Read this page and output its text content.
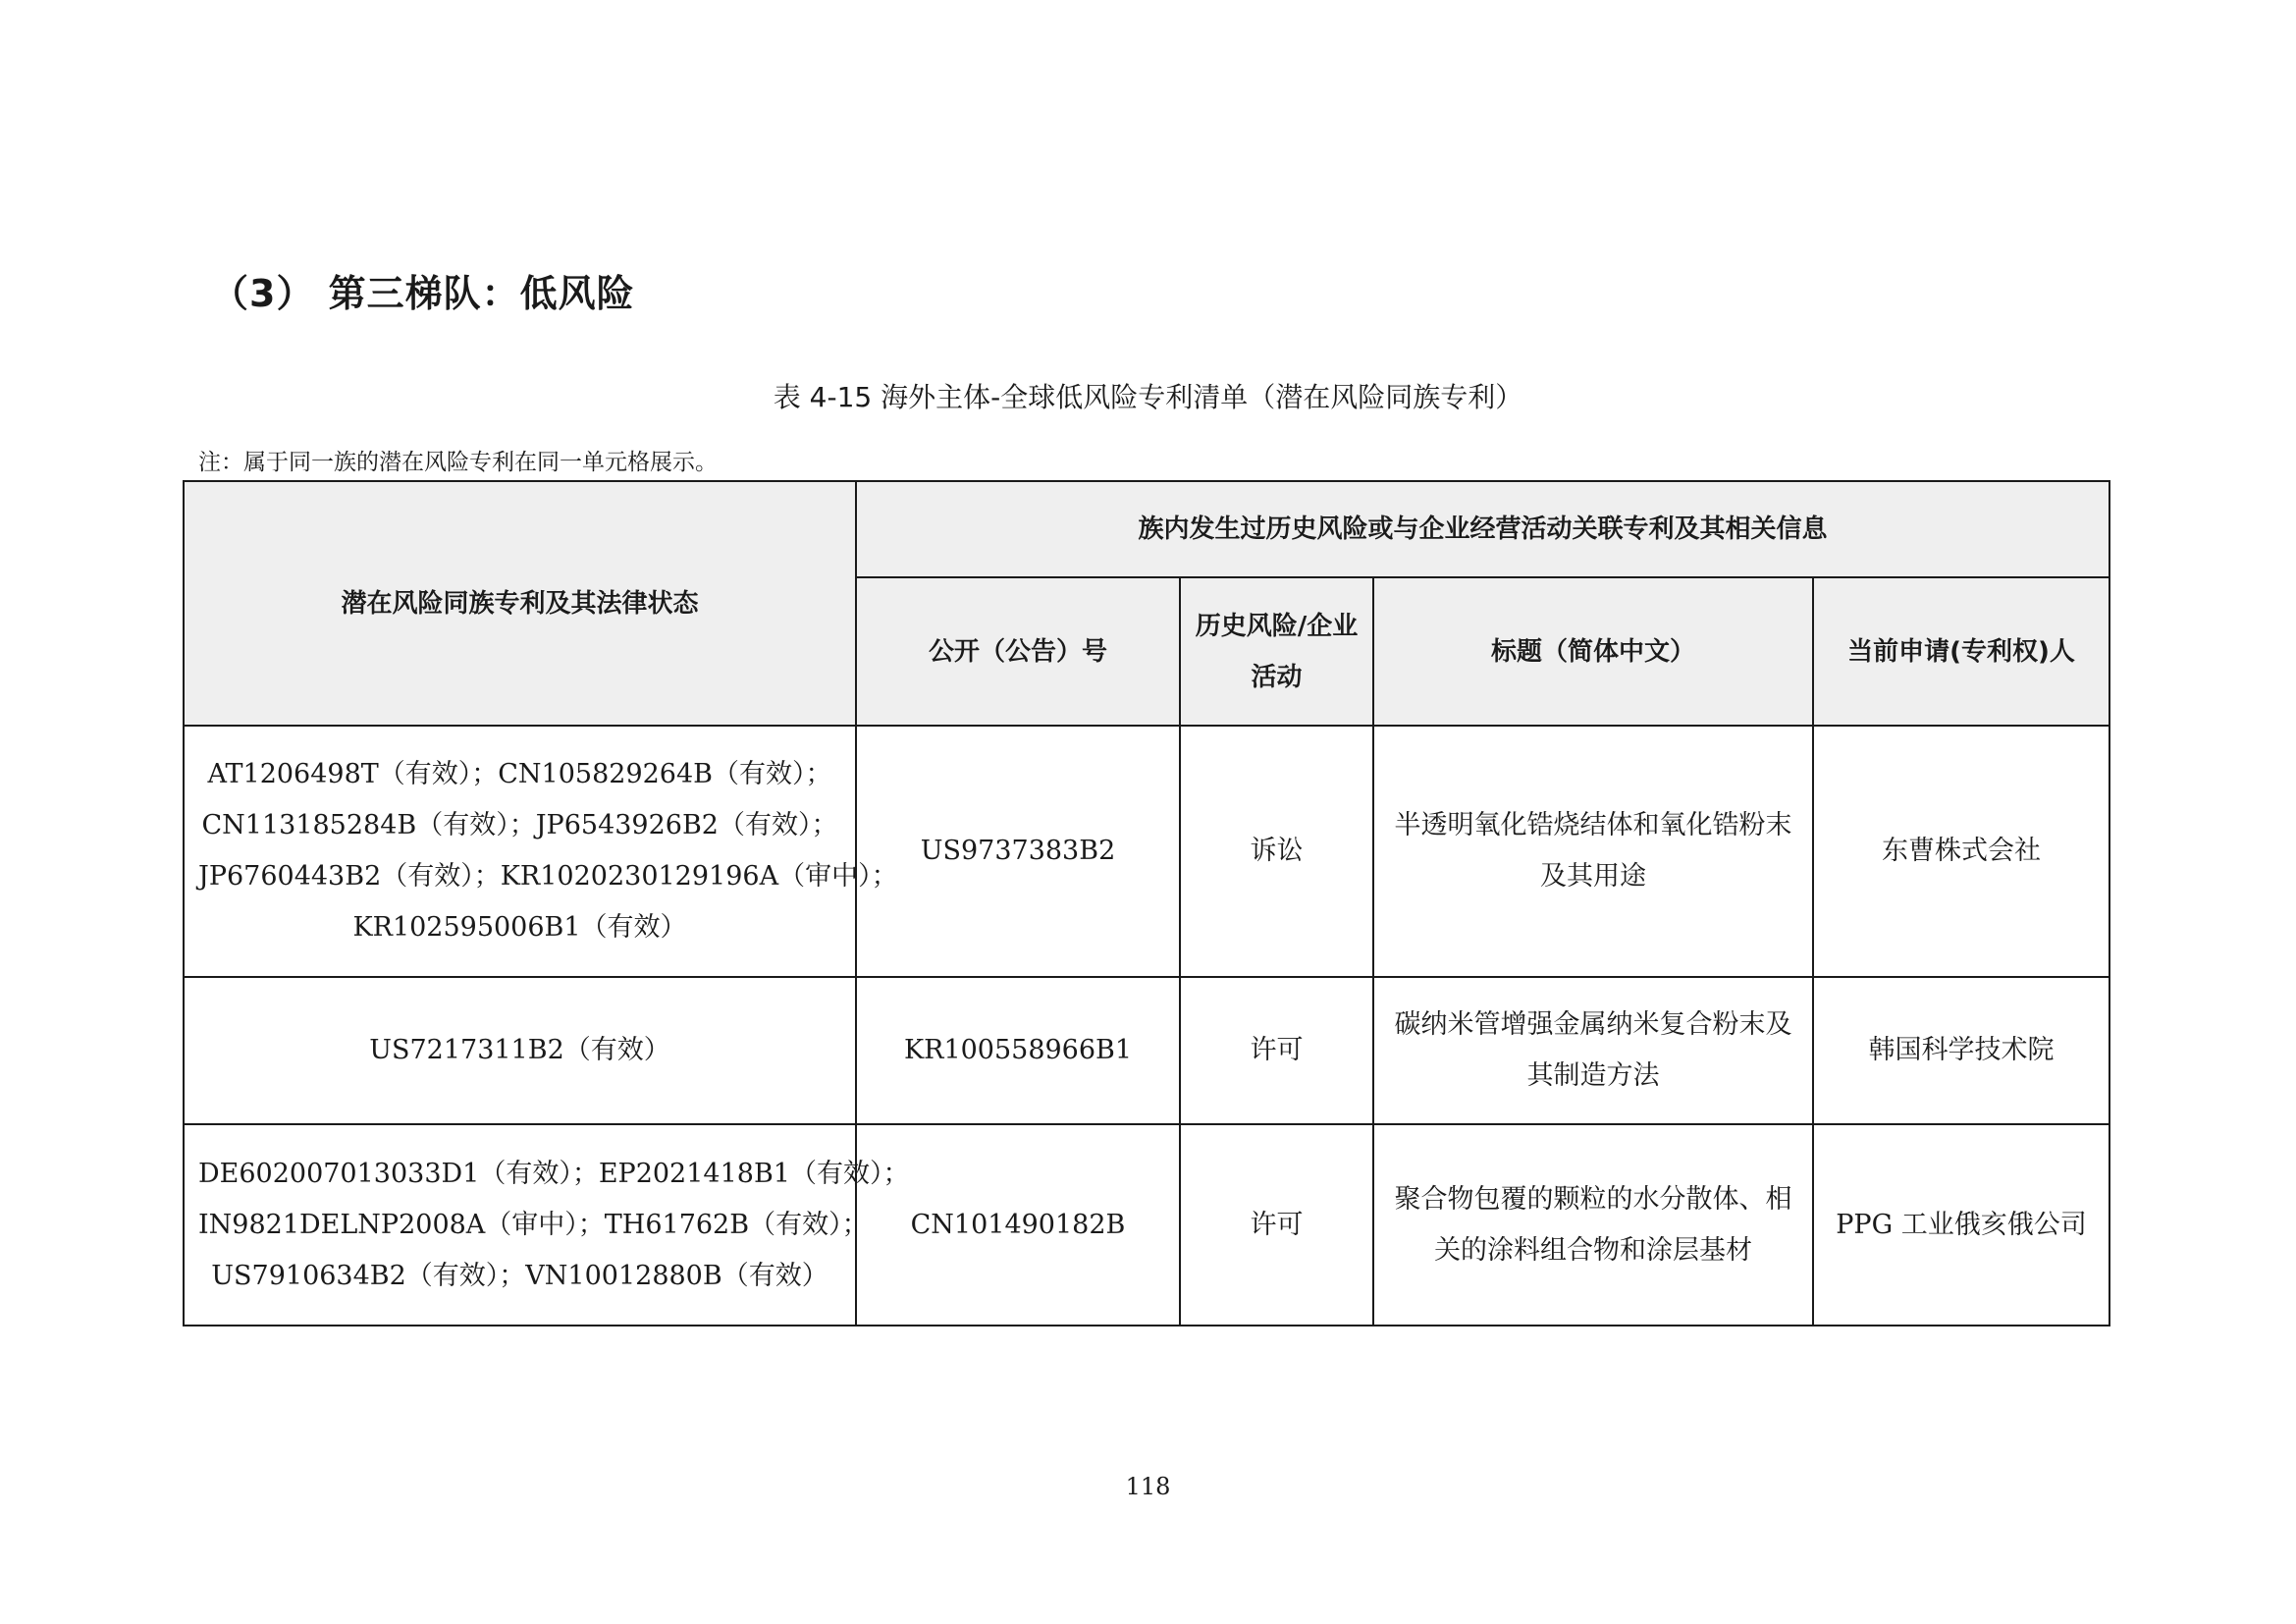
（3） 第三梯队：低风险
表 4-15 海外主体-全球低风险专利清单（潜在风险同族专利）
注：属于同一族的潜在风险专利在同一单元格展示。
潜在风险同族专利及其法律状态	族内发生过历史风险或与企业经营活动关联专利及其相关信息			
	公开（公告）号	历史风险/企业活动	标题（简体中文）	当前申请(专利权)人

AT1206498T（有效）；CN105829264B（有效）；
CN113185284B（有效）；JP6543926B2（有效）；
JP6760443B2（有效）；KR1020230129196A（审中）；
KR102595006B1（有效）	US9737383B2	诉讼	半透明氧化锆烧结体和氧化锆粉末及其用途	东曹株式会社

US7217311B2（有效）	KR100558966B1	许可	碳纳米管增强金属纳米复合粉末及其制造方法	韩国科学技术院

DE602007013033D1（有效）；EP2021418B1（有效）；
IN9821DELNP2008A（审中）；TH61762B（有效）；
US7910634B2（有效）；VN10012880B（有效）	CN101490182B	许可	聚合物包覆的颗粒的水分散体、相关的涂料组合物和涂层基材	PPG 工业俄亥俄公司
118
